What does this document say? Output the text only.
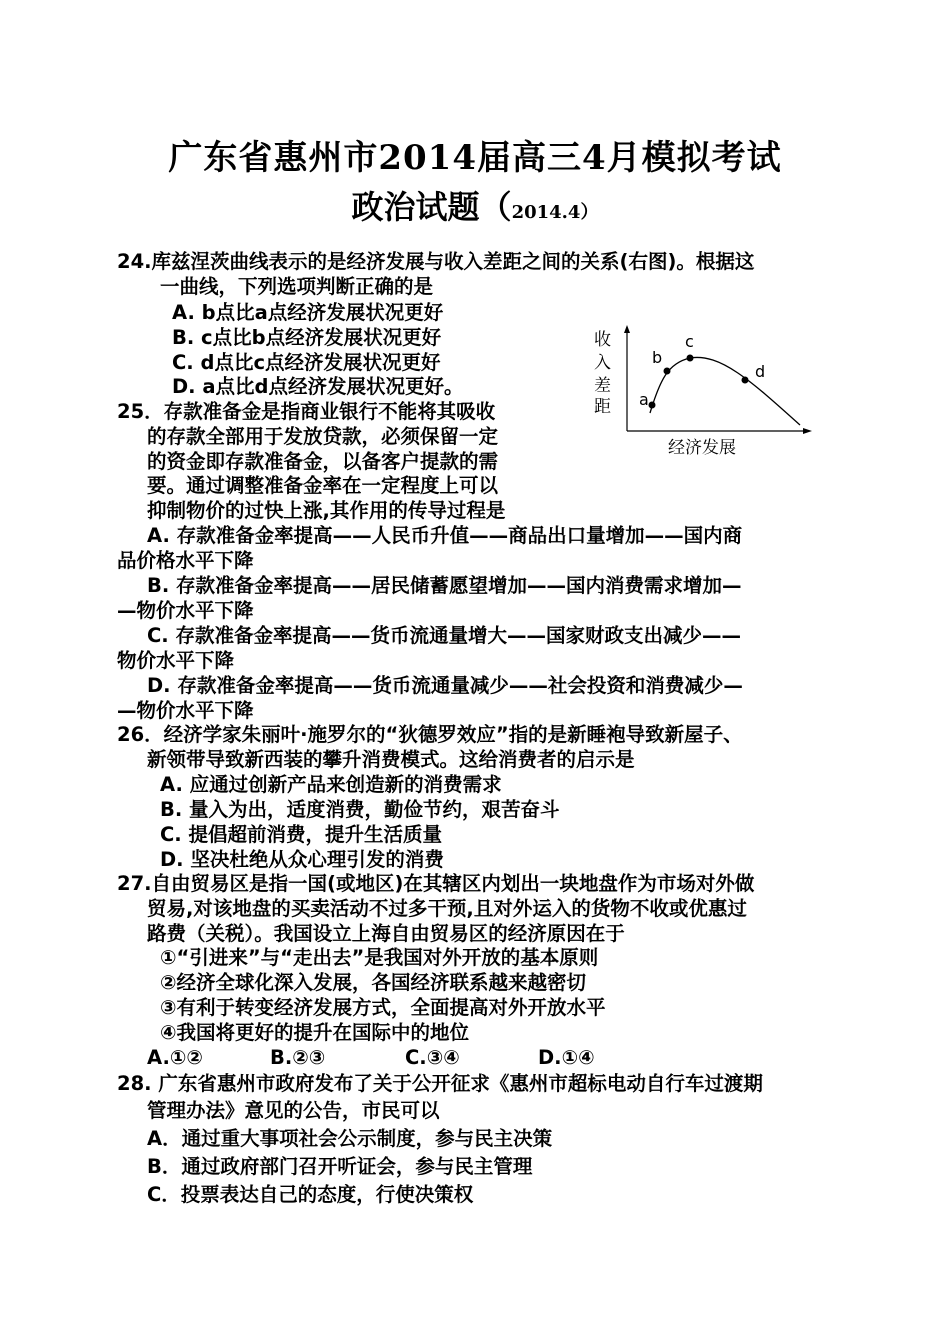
广东省惠州市2014届高三4月模拟考试
政治试题（2014.4）
24.库兹涅茨曲线表示的是经济发展与收入差距之间的关系(右图)。根据这
一曲线，下列选项判断正确的是
A. b点比a点经济发展状况更好
B. c点比b点经济发展状况更好
C. d点比c点经济发展状况更好
D. a点比d点经济发展状况更好。
收
入
差
距 a
b
c
d
经济发展
25．存款准备金是指商业银行不能将其吸收
的存款全部用于发放贷款，必须保留一定
的资金即存款准备金，以备客户提款的需
要。通过调整准备金率在一定程度上可以
抑制物价的过快上涨,其作用的传导过程是
A. 存款准备金率提高——人民币升值——商品出口量增加——国内商
品价格水平下降
B. 存款准备金率提高——居民储蓄愿望增加——国内消费需求增加—
—物价水平下降
C. 存款准备金率提高——货币流通量增大——国家财政支出减少——
物价水平下降
D. 存款准备金率提高——货币流通量减少——社会投资和消费减少—
—物价水平下降
26．经济学家朱丽叶·施罗尔的“狄德罗效应”指的是新睡袍导致新屋子、
新领带导致新西装的攀升消费模式。这给消费者的启示是
A. 应通过创新产品来创造新的消费需求
B. 量入为出，适度消费，勤俭节约，艰苦奋斗
C. 提倡超前消费，提升生活质量
D. 坚决杜绝从众心理引发的消费
27.自由贸易区是指一国(或地区)在其辖区内划出一块地盘作为市场对外做
贸易,对该地盘的买卖活动不过多干预,且对外运入的货物不收或优惠过
路费（关税）。我国设立上海自由贸易区的经济原因在于
①“引进来”与“走出去”是我国对外开放的基本原则
②经济全球化深入发展，各国经济联系越来越密切
③有利于转变经济发展方式，全面提高对外开放水平
④我国将更好的提升在国际中的地位
A.①②	B.②③	C.③④	D.①④
28. 广东省惠州市政府发布了关于公开征求《惠州市超标电动自行车过渡期
管理办法》意见的公告，市民可以
A．通过重大事项社会公示制度，参与民主决策
B．通过政府部门召开听证会，参与民主管理
C．投票表达自己的态度，行使决策权
